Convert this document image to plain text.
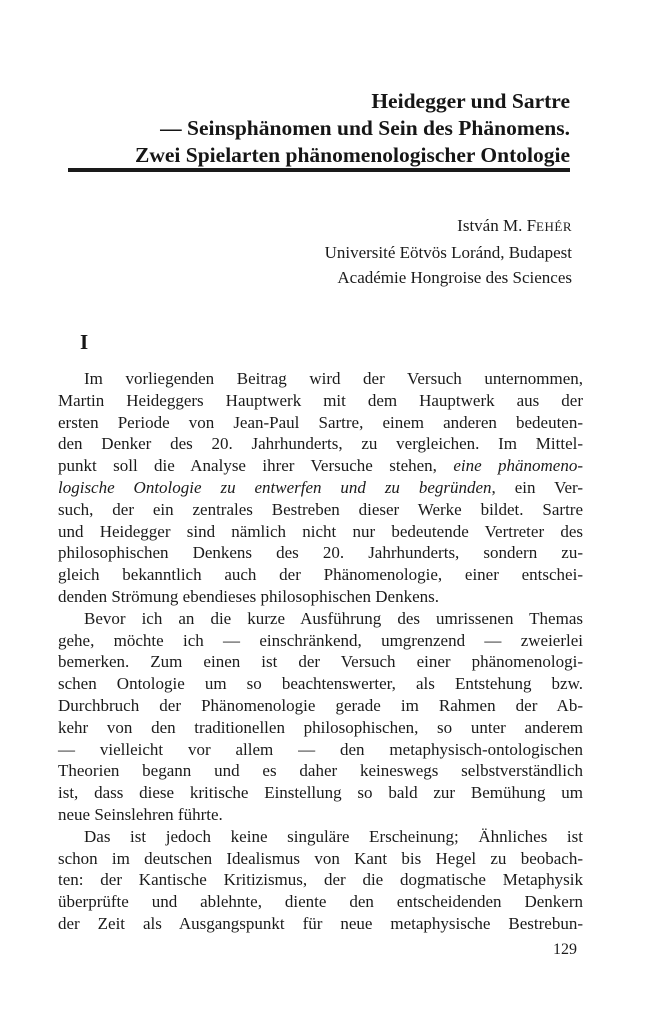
Heidegger und Sartre
— Seinsphänomen und Sein des Phänomens.
Zwei Spielarten phänomenologischer Ontologie
István M. FEHÉR
Université Eötvös Loránd, Budapest
Académie Hongroise des Sciences
I
Im vorliegenden Beitrag wird der Versuch unternommen,
Martin Heideggers Hauptwerk mit dem Hauptwerk aus der
ersten Periode von Jean-Paul Sartre, einem anderen bedeuten-
den Denker des 20. Jahrhunderts, zu vergleichen. Im Mittel-
punkt soll die Analyse ihrer Versuche stehen, eine phänomeno-
logische Ontologie zu entwerfen und zu begründen, ein Ver-
such, der ein zentrales Bestreben dieser Werke bildet. Sartre
und Heidegger sind nämlich nicht nur bedeutende Vertreter des
philosophischen Denkens des 20. Jahrhunderts, sondern zu-
gleich bekanntlich auch der Phänomenologie, einer entschei-
denden Strömung ebendieses philosophischen Denkens.
Bevor ich an die kurze Ausführung des umrissenen Themas
gehe, möchte ich — einschränkend, umgrenzend — zweierlei
bemerken. Zum einen ist der Versuch einer phänomenologi-
schen Ontologie um so beachtenswerter, als Entstehung bzw.
Durchbruch der Phänomenologie gerade im Rahmen der Ab-
kehr von den traditionellen philosophischen, so unter anderem
— vielleicht vor allem — den metaphysisch-ontologischen
Theorien begann und es daher keineswegs selbstverständlich
ist, dass diese kritische Einstellung so bald zur Bemühung um
neue Seinslehren führte.
Das ist jedoch keine singuläre Erscheinung; Ähnliches ist
schon im deutschen Idealismus von Kant bis Hegel zu beobach-
ten: der Kantische Kritizismus, der die dogmatische Metaphysik
überprüfte und ablehnte, diente den entscheidenden Denkern
der Zeit als Ausgangspunkt für neue metaphysische Bestrebun-
129
